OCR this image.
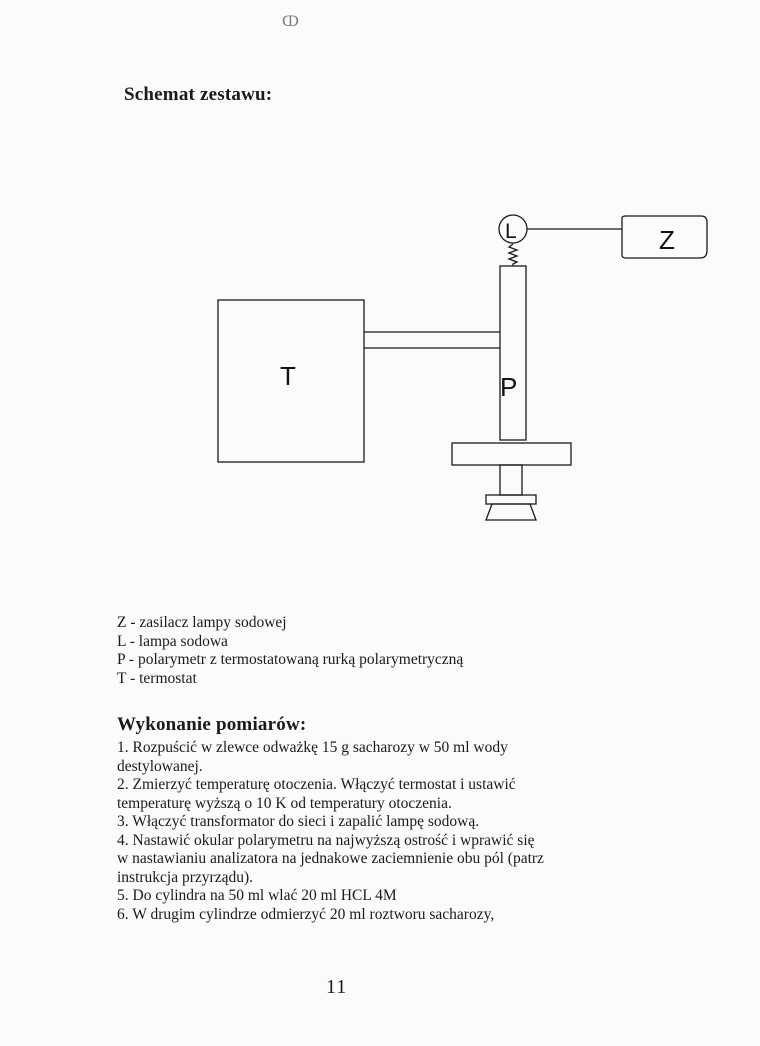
ↀ
Schemat zestawu:
T	P
L	Z
Z - zasilacz lampy sodowej
L - lampa sodowa
P - polarymetr z termostatowaną rurką polarymetryczną
T - termostat
Wykonanie pomiarów:
1. Rozpuścić w zlewce odważkę 15 g sacharozy w 50 ml wody
destylowanej.
2. Zmierzyć temperaturę otoczenia. Włączyć termostat i ustawić
temperaturę wyższą o 10 K od temperatury otoczenia.
3. Włączyć transformator do sieci i zapalić lampę sodową.
4. Nastawić okular polarymetru na najwyższą ostrość i wprawić się
w nastawianiu analizatora na jednakowe zaciemnienie obu pól (patrz
instrukcja przyrządu).
5. Do cylindra na 50 ml wlać 20 ml HCL 4M
6. W drugim cylindrze odmierzyć 20 ml roztworu sacharozy,
11
